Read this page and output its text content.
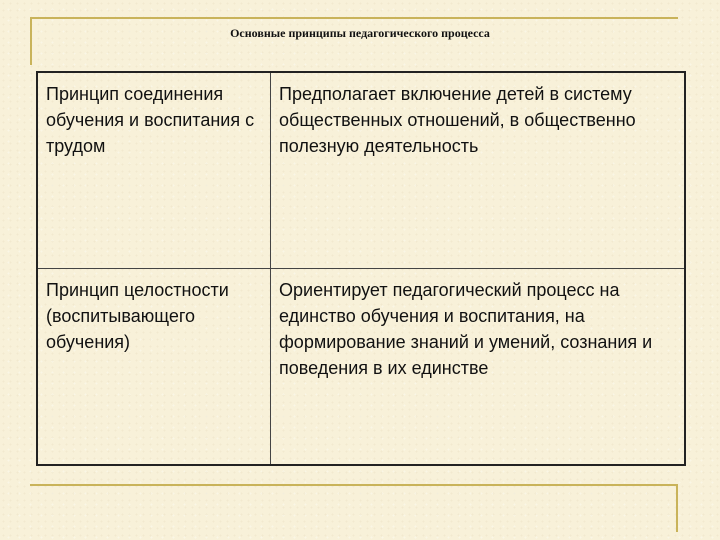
Основные принципы педагогического процесса
Принцип соединения обучения и воспитания с трудом	Предполагает включение детей в систему общественных отношений, в общественно полезную деятельность
Принцип целостности (воспитывающего обучения)	Ориентирует педагогический процесс на единство обучения и воспитания, на формирование знаний и умений, сознания и поведения в их единстве
